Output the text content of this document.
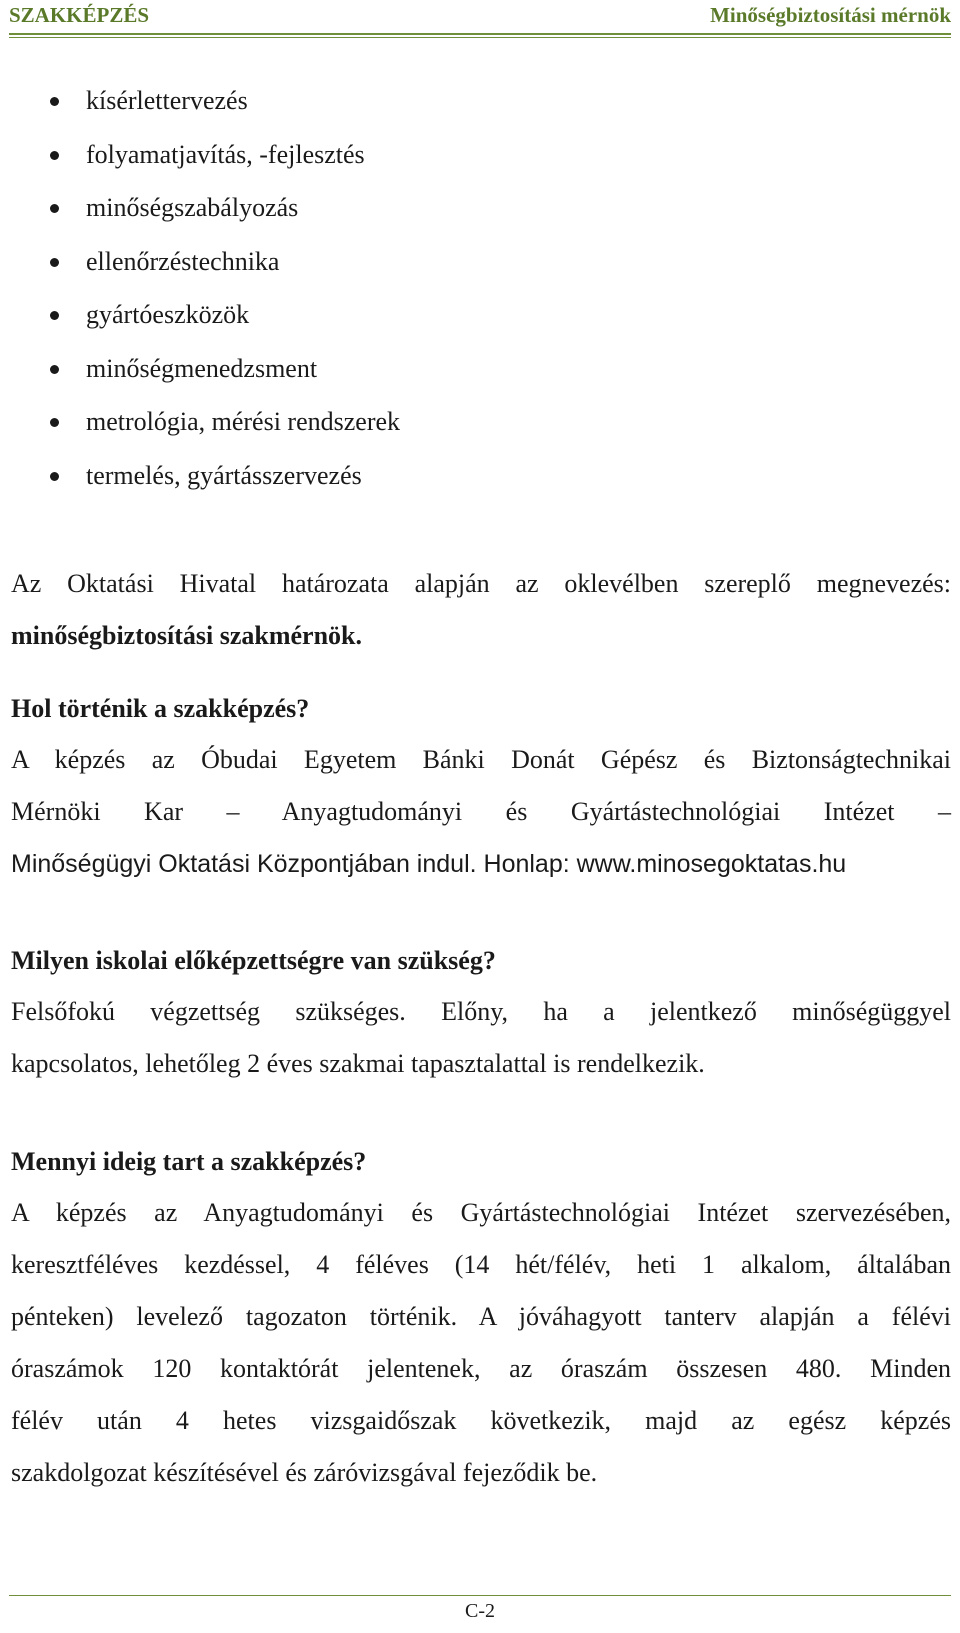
SZAKKÉPZÉS	Minőségbiztosítási mérnök
kísérlettervezés
folyamatjavítás, -fejlesztés
minőségszabályozás
ellenőrzéstechnika
gyártóeszközök
minőségmenedzsment
metrológia, mérési rendszerek
termelés, gyártásszervezés
Az Oktatási Hivatal határozata alapján az oklevélben szereplő megnevezés:
minőségbiztosítási szakmérnök.
Hol történik a szakképzés?
A képzés az Óbudai Egyetem Bánki Donát Gépész és Biztonságtechnikai
Mérnöki Kar – Anyagtudományi és Gyártástechnológiai Intézet –
Minőségügyi Oktatási Központjában indul. Honlap: www.minosegoktatas.hu
Milyen iskolai előképzettségre van szükség?
Felsőfokú végzettség szükséges. Előny, ha a jelentkező minőségüggyel
kapcsolatos, lehetőleg 2 éves szakmai tapasztalattal is rendelkezik.
Mennyi ideig tart a szakképzés?
A képzés az Anyagtudományi és Gyártástechnológiai Intézet szervezésében,
keresztféléves kezdéssel, 4 féléves (14 hét/félév, heti 1 alkalom, általában
pénteken) levelező tagozaton történik. A jóváhagyott tanterv alapján a félévi
óraszámok 120 kontaktórát jelentenek, az óraszám összesen 480. Minden
félév után 4 hetes vizsgaidőszak következik, majd az egész képzés
szakdolgozat készítésével és záróvizsgával fejeződik be.
C-2
